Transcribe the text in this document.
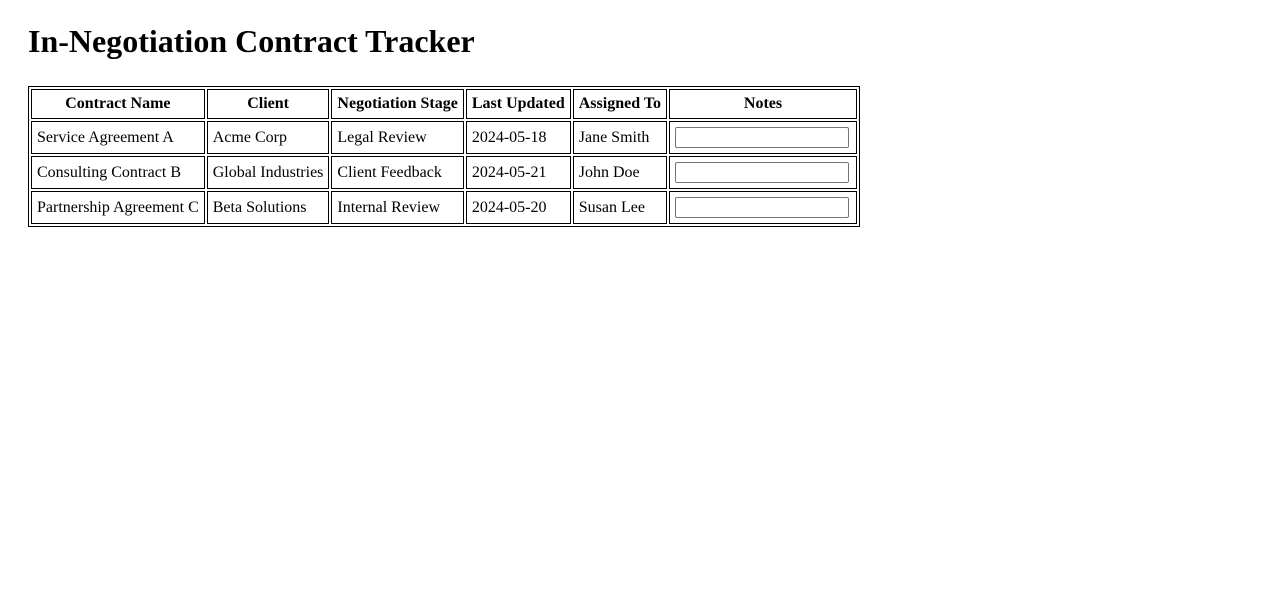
In-Negotiation Contract Tracker
Contract Name	Client	Negotiation Stage	Last Updated	Assigned To	Notes
Service Agreement A	Acme Corp	Legal Review	2024-05-18	Jane Smith	

Consulting Contract B	Global Industries	Client Feedback	2024-05-21	John Doe	

Partnership Agreement C	Beta Solutions	Internal Review	2024-05-20	Susan Lee	
